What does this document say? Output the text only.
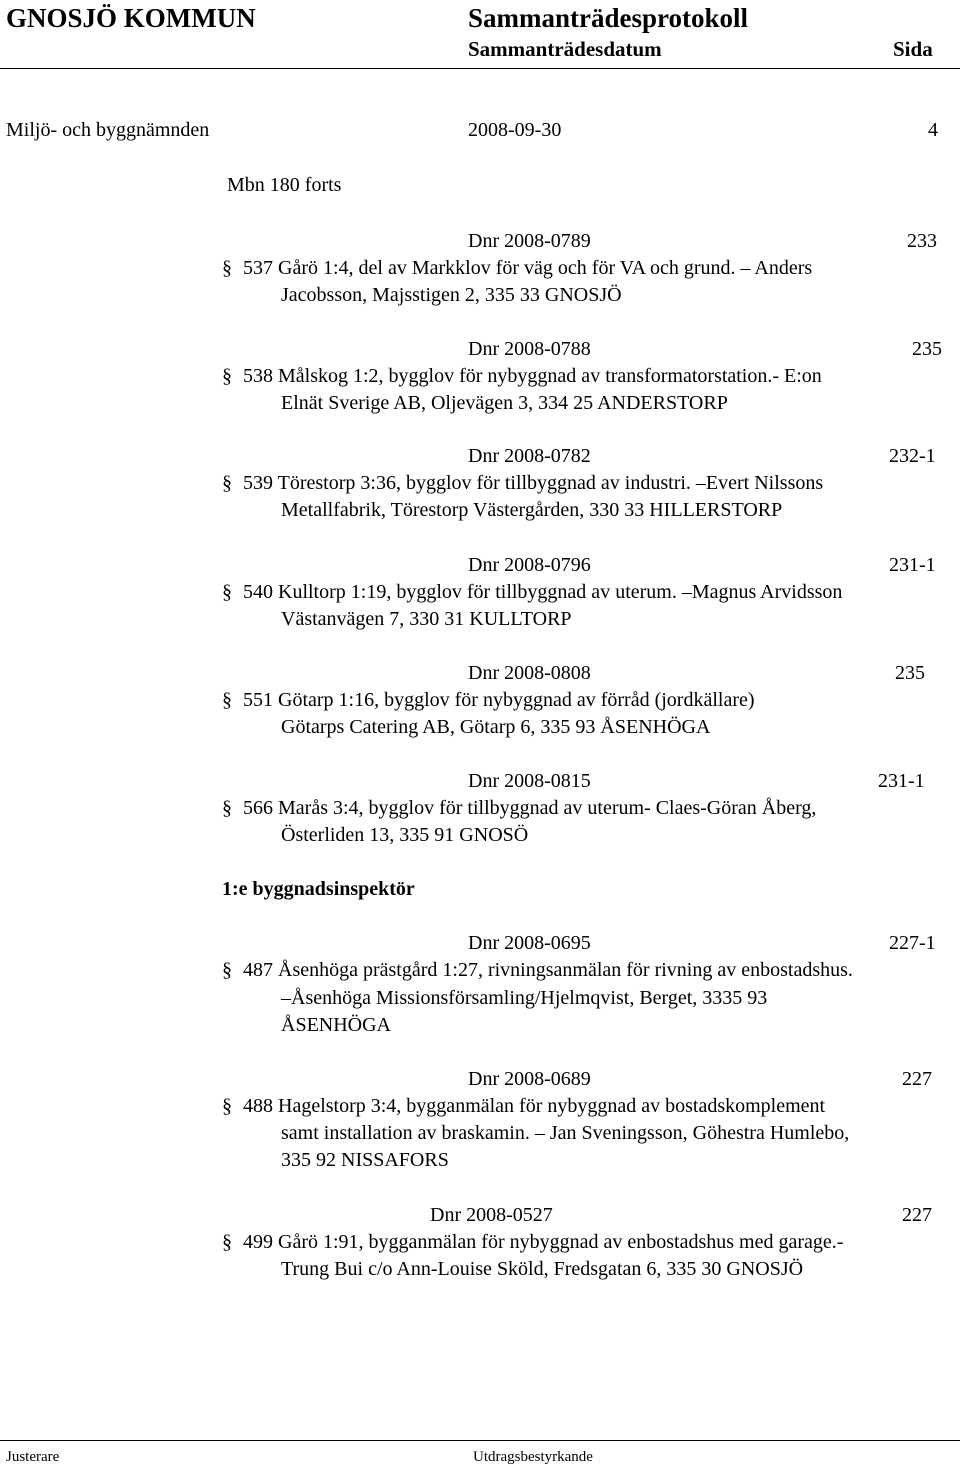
GNOSJÖ KOMMUN	Sammanträdesprotokoll
Sammanträdesdatum	Sida
Miljö- och byggnämnden	2008-09-30	4
Mbn 180 forts
Dnr 2008-0789	233
§ 537 Gårö 1:4, del av Markklov för väg och för VA och grund. – Anders
Jacobsson, Majsstigen 2, 335 33 GNOSJÖ
Dnr 2008-0788	235
§ 538 Målskog 1:2, bygglov för nybyggnad av transformatorstation.- E:on
Elnät Sverige AB, Oljevägen 3, 334 25 ANDERSTORP
Dnr 2008-0782	232-1
§ 539 Törestorp 3:36, bygglov för tillbyggnad av industri. –Evert Nilssons
Metallfabrik, Törestorp Västergården, 330 33 HILLERSTORP
Dnr 2008-0796	231-1
§ 540 Kulltorp 1:19, bygglov för tillbyggnad av uterum. –Magnus Arvidsson
Västanvägen 7, 330 31 KULLTORP
Dnr 2008-0808	235
§ 551 Götarp 1:16, bygglov för nybyggnad av förråd (jordkällare)
Götarps Catering AB, Götarp 6, 335 93 ÅSENHÖGA
Dnr 2008-0815	231-1
§ 566 Marås 3:4, bygglov för tillbyggnad av uterum- Claes-Göran Åberg,
Österliden 13, 335 91 GNOSÖ
1:e byggnadsinspektör
Dnr 2008-0695	227-1
§ 487 Åsenhöga prästgård 1:27, rivningsanmälan för rivning av enbostadshus.
–Åsenhöga Missionsförsamling/Hjelmqvist, Berget, 3335 93
ÅSENHÖGA
Dnr 2008-0689	227
§ 488 Hagelstorp 3:4, bygganmälan för nybyggnad av bostadskomplement
samt installation av braskamin. – Jan Sveningsson, Göhestra Humlebo,
335 92 NISSAFORS
Dnr 2008-0527	227
§ 499 Gårö 1:91, bygganmälan för nybyggnad av enbostadshus med garage.-
Trung Bui c/o Ann-Louise Sköld, Fredsgatan 6, 335 30 GNOSJÖ
Justerare	Utdragsbestyrkande
